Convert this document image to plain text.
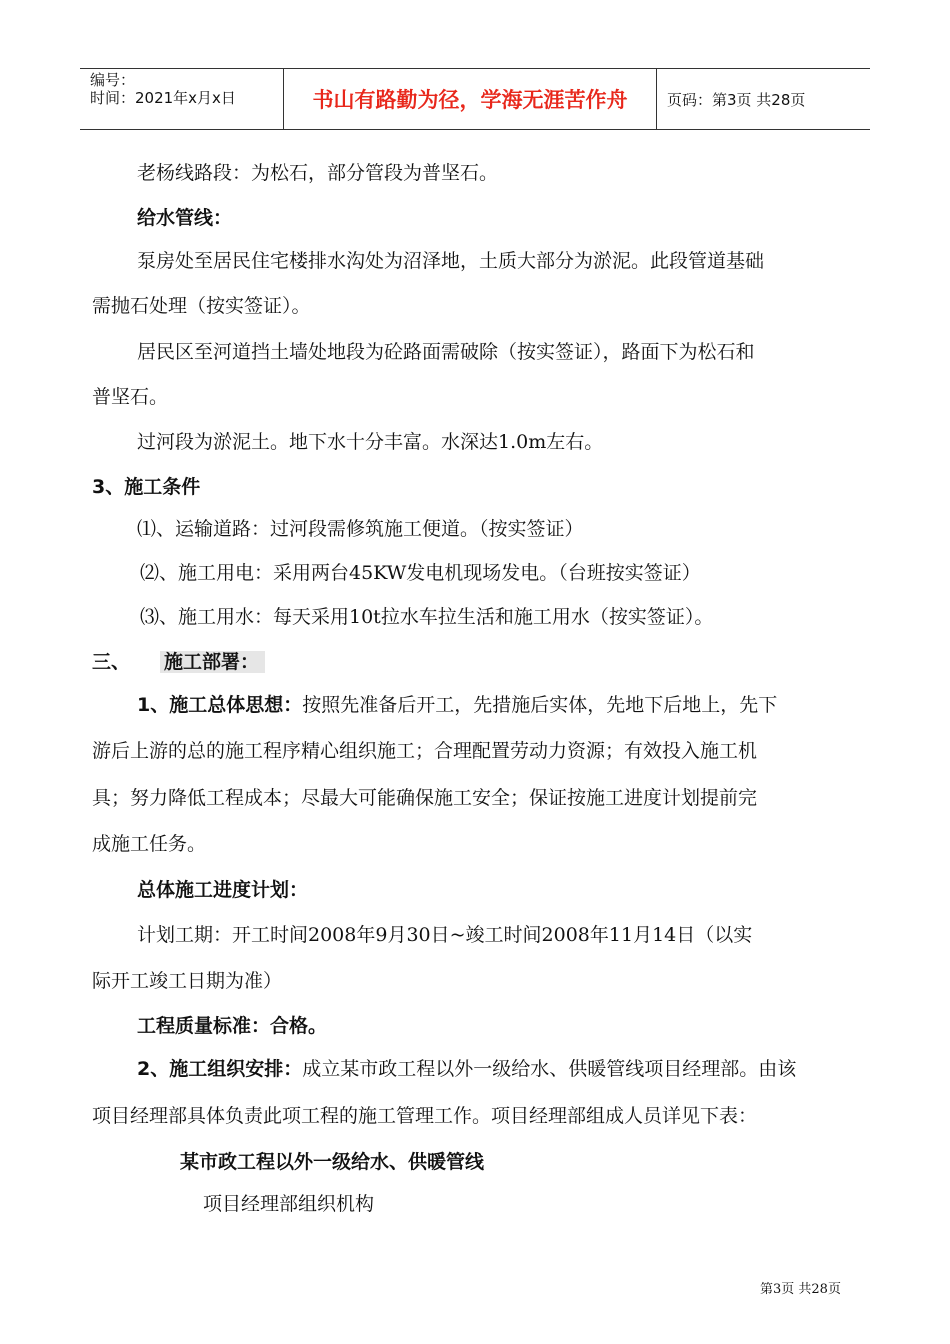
编号：
时间：2021年x月x日	书山有路勤为径，学海无涯苦作舟	页码：第3页 共28页
老杨线路段：为松石，部分管段为普坚石。
给水管线：
泵房处至居民住宅楼排水沟处为沼泽地，土质大部分为淤泥。此段管道基础
需抛石处理（按实签证）。
居民区至河道挡土墙处地段为砼路面需破除（按实签证），路面下为松石和
普坚石。
过河段为淤泥土。地下水十分丰富。水深达1.0m左右。
3、施工条件
⑴、运输道路：过河段需修筑施工便道。（按实签证）
⑵、施工用电：采用两台45KW发电机现场发电。（台班按实签证）
⑶、施工用水：每天采用10t拉水车拉生活和施工用水（按实签证）。
三、 施工部署：
1、施工总体思想：按照先准备后开工，先措施后实体，先地下后地上，先下
游后上游的总的施工程序精心组织施工；合理配置劳动力资源；有效投入施工机
具；努力降低工程成本；尽最大可能确保施工安全；保证按施工进度计划提前完
成施工任务。
总体施工进度计划：
计划工期：开工时间2008年9月30日~竣工时间2008年11月14日（以实
际开工竣工日期为准）
工程质量标准：合格。
2、施工组织安排：成立某市政工程以外一级给水、供暖管线项目经理部。由该
项目经理部具体负责此项工程的施工管理工作。项目经理部组成人员详见下表：
某市政工程以外一级给水、供暖管线
项目经理部组织机构
第3页 共28页
